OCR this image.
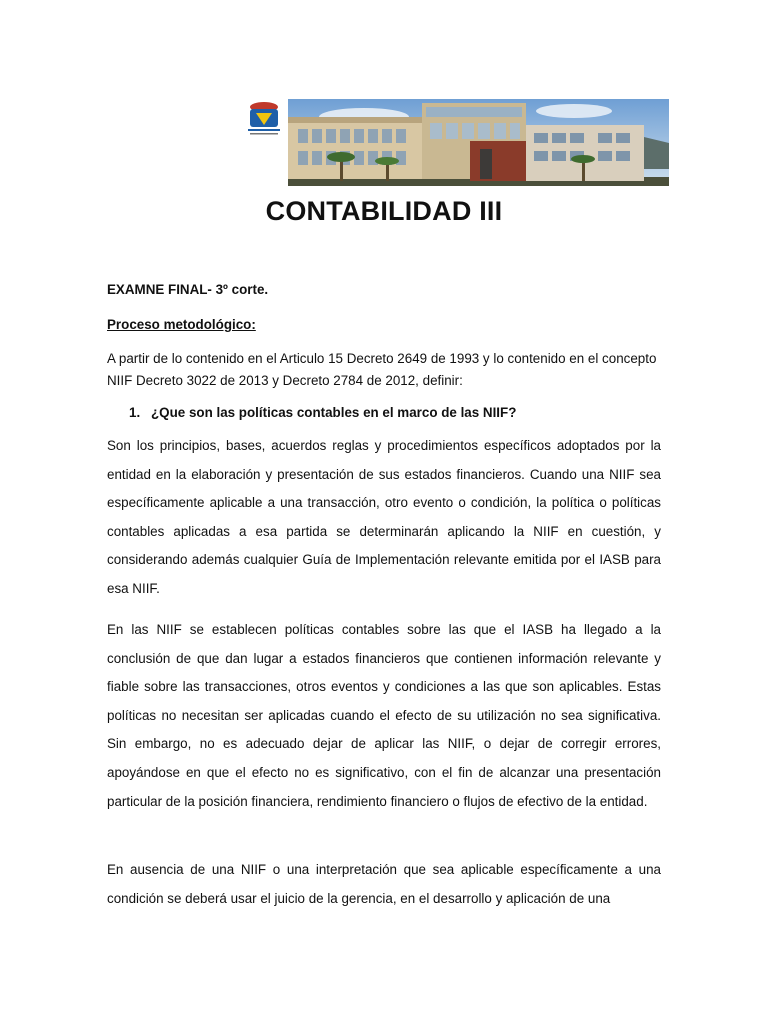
CONTABILIDAD III
EXAMNE FINAL- 3º corte.
Proceso metodológico:
A partir de lo contenido en el Articulo 15 Decreto 2649 de 1993 y lo contenido en el concepto NIIF Decreto 3022 de 2013 y Decreto 2784 de 2012, definir:
1. ¿Que son las políticas contables en el marco de las NIIF?
Son los principios, bases, acuerdos reglas y procedimientos específicos adoptados por la entidad en la elaboración y presentación de sus estados financieros. Cuando una NIIF sea específicamente aplicable a una transacción, otro evento o condición, la política o políticas contables aplicadas a esa partida se determinarán aplicando la NIIF en cuestión, y considerando además cualquier Guía de Implementación relevante emitida por el IASB para esa NIIF.
En las NIIF se establecen políticas contables sobre las que el IASB ha llegado a la conclusión de que dan lugar a estados financieros que contienen información relevante y fiable sobre las transacciones, otros eventos y condiciones a las que son aplicables. Estas políticas no necesitan ser aplicadas cuando el efecto de su utilización no sea significativa. Sin embargo, no es adecuado dejar de aplicar las NIIF, o dejar de corregir errores, apoyándose en que el efecto no es significativo, con el fin de alcanzar una presentación particular de la posición financiera, rendimiento financiero o flujos de efectivo de la entidad.
En ausencia de una NIIF o una interpretación que sea aplicable específicamente a una condición se deberá usar el juicio de la gerencia, en el desarrollo y aplicación de una
